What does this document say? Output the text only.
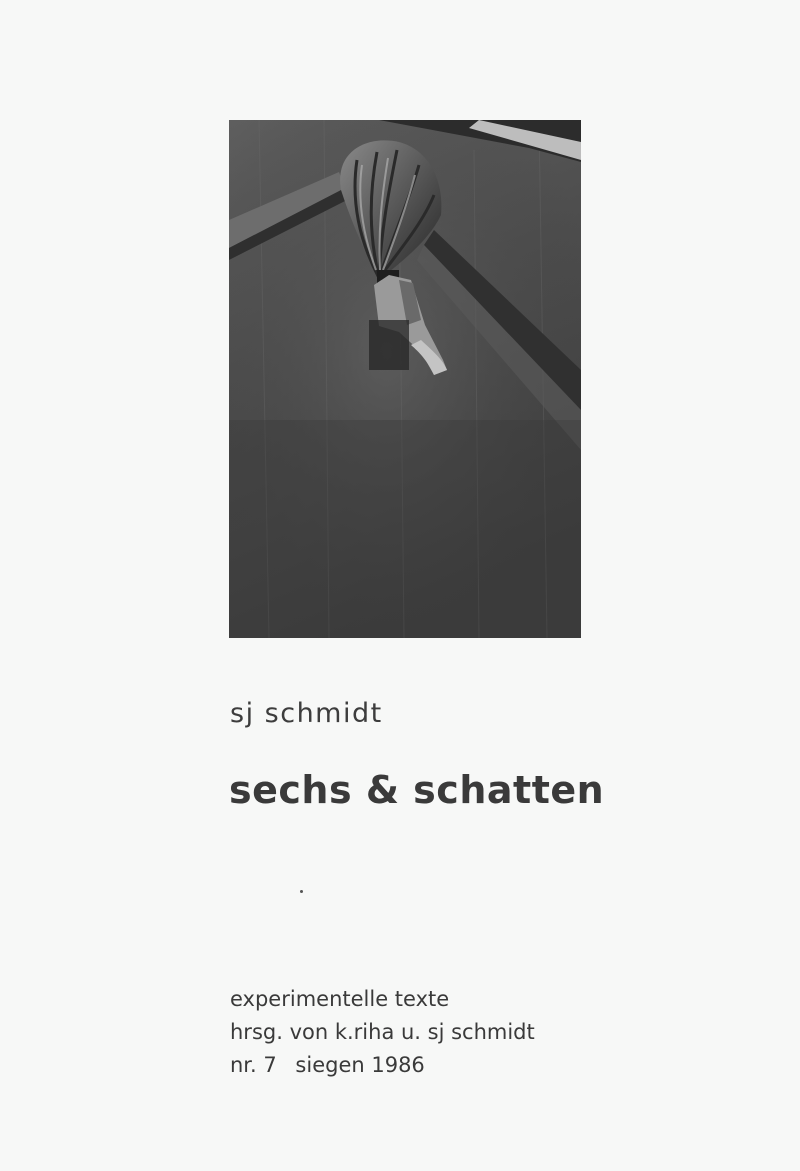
sj schmidt
sechs & schatten
experimentelle texte
hrsg. von k.riha u. sj schmidt
nr. 7 siegen 1986
